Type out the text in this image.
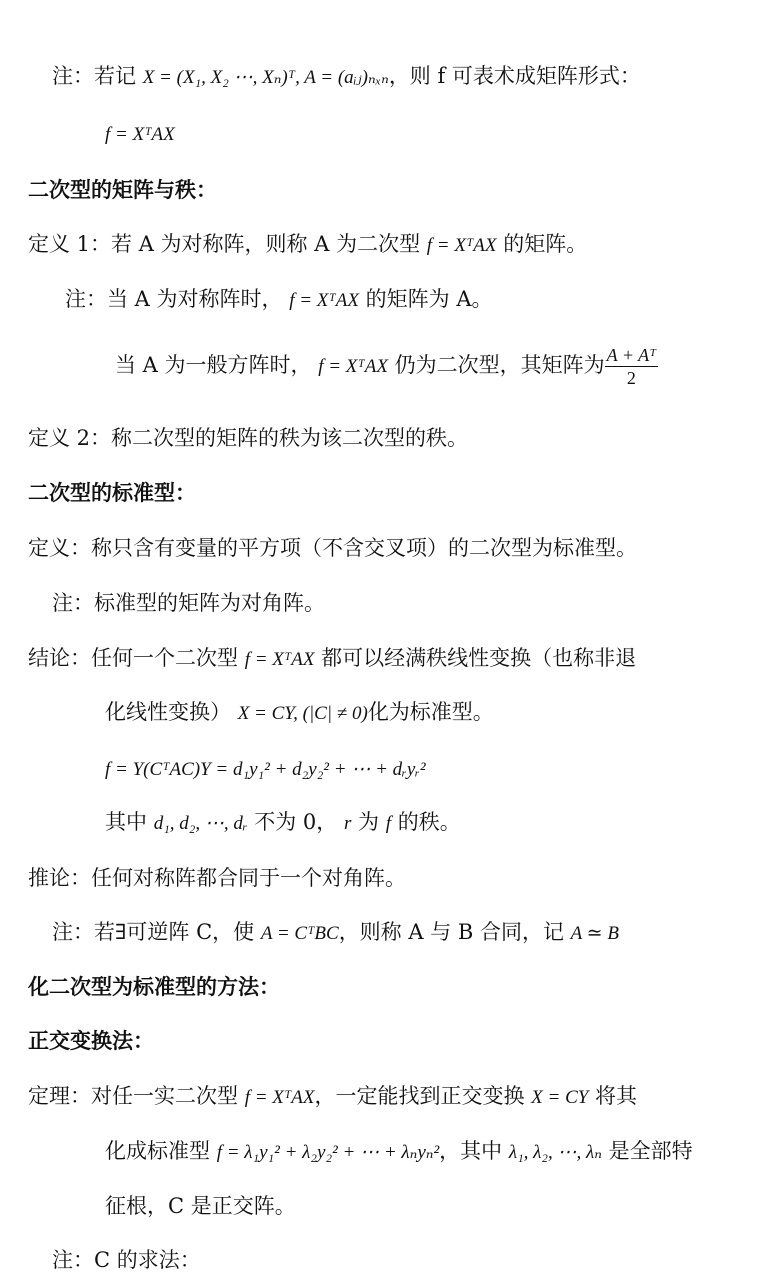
注：若记 X = (X₁, X₂ ⋯, Xₙ)ᵀ, A = (aᵢⱼ)ₙₓₙ，则 f 可表术成矩阵形式：
f = XᵀAX
二次型的矩阵与秩：
定义 1：若 A 为对称阵，则称 A 为二次型 f = XᵀAX 的矩阵。
注：当 A 为对称阵时， f = XᵀAX 的矩阵为 A。
当 A 为一般方阵时， f = XᵀAX 仍为二次型，其矩阵为 $\frac{\text{A + Aᵀ}}{2}$
定义 2：称二次型的矩阵的秩为该二次型的秩。
二次型的标准型：
定义：称只含有变量的平方项（不含交叉项）的二次型为标准型。
注：标准型的矩阵为对角阵。
结论：任何一个二次型 f = XᵀAX 都可以经满秩线性变换（也称非退
化线性变换） X = CY, (|C| ≠ 0)化为标准型。
f = Y(CᵀAC)Y = d₁y₁² + d₂y₂² + ⋯ + dᵣyᵣ²
其中 d₁, d₂, ⋯, dᵣ 不为 0， r 为 f 的秩。
推论：任何对称阵都合同于一个对角阵。
注：若∃可逆阵 C，使 A = CᵀBC，则称 A 与 B 合同，记 A ≃ B
化二次型为标准型的方法：
正交变换法：
定理：对任一实二次型 f = XᵀAX，一定能找到正交变换 X = CY 将其
化成标准型 f = λ₁y₁² + λ₂y₂² + ⋯ + λₙyₙ²，其中 λ₁, λ₂, ⋯, λₙ 是全部特
征根，C 是正交阵。
注：C 的求法：
